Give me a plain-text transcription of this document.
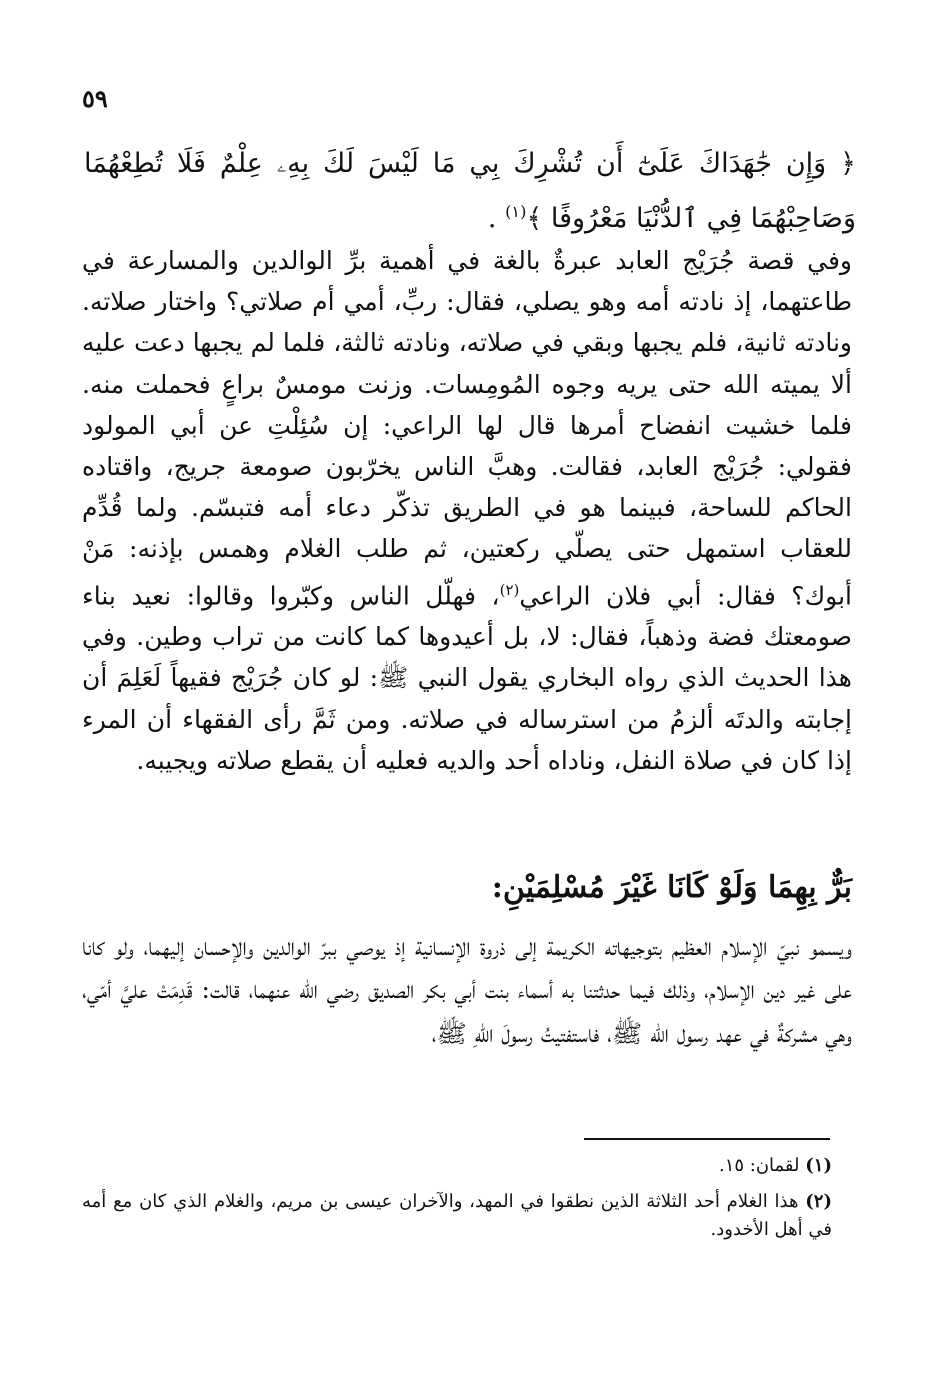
٥٩
﴿ وَإِن جَٰهَدَاكَ عَلَىٰٓ أَن تُشْرِكَ بِي مَا لَيْسَ لَكَ بِهِۦ عِلْمٌ فَلَا تُطِعْهُمَا وَصَاحِبْهُمَا فِي ٱلدُّنْيَا مَعْرُوفًا ﴾$^{(١)}$ .
وفي قصة جُرَيْج العابد عبرةٌ بالغة في أهمية برِّ الوالدين والمسارعة في طاعتهما، إذ نادته أمه وهو يصلي، فقال: ربِّ، أمي أم صلاتي؟ واختار صلاته. ونادته ثانية، فلم يجبها وبقي في صلاته، ونادته ثالثة، فلما لم يجبها دعت عليه ألا يميته الله حتى يريه وجوه المُومِسات. وزنت مومسٌ براعٍ فحملت منه. فلما خشيت انفضاح أمرها قال لها الراعي: إن سُئِلْتِ عن أبي المولود فقولي: جُرَيْج العابد، فقالت. وهبَّ الناس يخرّبون صومعة جريج، واقتاده الحاكم للساحة، فبينما هو في الطريق تذكّر دعاء أمه فتبسّم. ولما قُدِّم للعقاب استمهل حتى يصلّي ركعتين، ثم طلب الغلام وهمس بإذنه: مَنْ أبوك؟ فقال: أبي فلان الراعي$^{(٢)}$، فهلّل الناس وكبّروا وقالوا: نعيد بناء صومعتك فضة وذهباً، فقال: لا، بل أعيدوها كما كانت من تراب وطين. وفي هذا الحديث الذي رواه البخاري يقول النبي ﷺ: لو كان جُرَيْج فقيهاً لَعَلِمَ أن إجابته والدتَه ألزمُ من استرساله في صلاته. ومن ثَمَّ رأى الفقهاء أن المرء إذا كان في صلاة النفل، وناداه أحد والديه فعليه أن يقطع صلاته ويجيبه.
بَرٌّ بِهِمَا وَلَوْ كَانَا غَيْرَ مُسْلِمَيْنِ:
ويسمو نبيّ الإسلام العظيم بتوجيهاته الكريمة إلى ذروة الإنسانية إذ يوصي ببرّ الوالدين والإحسان إليهما، ولو كانا على غير دين الإسلام، وذلك فيما حدثتنا به أسماء بنت أبي بكر الصديق رضي الله عنهما، قالت: قَدِمَتْ عليَّ أمّي، وهي مشركةٌ في عهد رسول الله ﷺ، فاستفتيتُ رسولَ اللّهِ ﷺ،
(١) لقمان: ١٥.
(٢) هذا الغلام أحد الثلاثة الذين نطقوا في المهد، والآخران عيسى بن مريم، والغلام الذي كان مع أمه في أهل الأخدود.
